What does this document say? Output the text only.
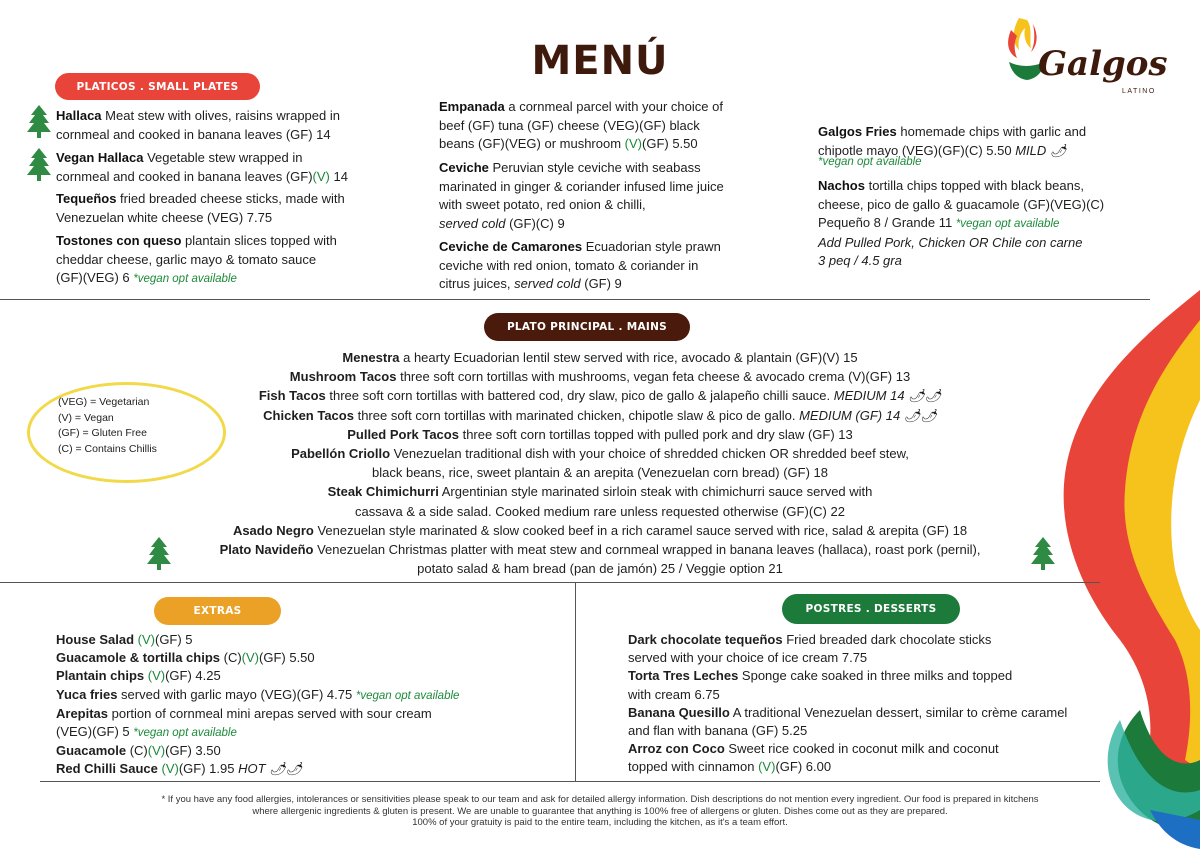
Galgos
LATINO
MENÚ
PLATICOS . SMALL PLATES
PLATO PRINCIPAL . MAINS
EXTRAS	POSTRES . DESSERTS
Hallaca Meat stew with olives, raisins wrapped in
cornmeal and cooked in banana leaves (GF) 14
Vegan Hallaca Vegetable stew wrapped in
cornmeal and cooked in banana leaves (GF)(V) 14
Tequeños fried breaded cheese sticks, made with
Venezuelan white cheese (VEG) 7.75
Tostones con queso plantain slices topped with
cheddar cheese, garlic mayo & tomato sauce
(GF)(VEG) 6 *vegan opt available
Empanada a cornmeal parcel with your choice of
beef (GF) tuna (GF) cheese (VEG)(GF) black
beans (GF)(VEG) or mushroom (V)(GF) 5.50
Ceviche Peruvian style ceviche with seabass
marinated in ginger & coriander infused lime juice
with sweet potato, red onion & chilli,
served cold (GF)(C) 9
Ceviche de Camarones Ecuadorian style prawn
ceviche with red onion, tomato & coriander in
citrus juices, served cold (GF) 9
Galgos Fries homemade chips with garlic and
chipotle mayo (VEG)(GF)(C) 5.50 MILD 🌶
*vegan opt available
Nachos tortilla chips topped with black beans,
cheese, pico de gallo & guacamole (GF)(VEG)(C)
Pequeño 8 / Grande 11 *vegan opt available
Add Pulled Pork, Chicken OR Chile con carne
3 peq / 4.5 gra
(VEG) = Vegetarian
(V) = Vegan
(GF) = Gluten Free
(C) = Contains Chillis
Menestra a hearty Ecuadorian lentil stew served with rice, avocado & plantain (GF)(V) 15
Mushroom Tacos three soft corn tortillas with mushrooms, vegan feta cheese & avocado crema (V)(GF) 13
Fish Tacos three soft corn tortillas with battered cod, dry slaw, pico de gallo & jalapeño chilli sauce. MEDIUM 14 🌶🌶
Chicken Tacos three soft corn tortillas with marinated chicken, chipotle slaw & pico de gallo. MEDIUM (GF) 14 🌶🌶
Pulled Pork Tacos three soft corn tortillas topped with pulled pork and dry slaw (GF) 13
Pabellón Criollo Venezuelan traditional dish with your choice of shredded chicken OR shredded beef stew,
black beans, rice, sweet plantain & an arepita (Venezuelan corn bread) (GF) 18
Steak Chimichurri Argentinian style marinated sirloin steak with chimichurri sauce served with
cassava & a side salad. Cooked medium rare unless requested otherwise (GF)(C) 22
Asado Negro Venezuelan style marinated & slow cooked beef in a rich caramel sauce served with rice, salad & arepita (GF) 18
Plato Navideño Venezuelan Christmas platter with meat stew and cornmeal wrapped in banana leaves (hallaca), roast pork (pernil),
potato salad & ham bread (pan de jamón) 25 / Veggie option 21
House Salad (V)(GF) 5
Guacamole & tortilla chips (C)(V)(GF) 5.50
Plantain chips (V)(GF) 4.25
Yuca fries served with garlic mayo (VEG)(GF) 4.75 *vegan opt available
Arepitas portion of cornmeal mini arepas served with sour cream
(VEG)(GF) 5 *vegan opt available
Guacamole (C)(V)(GF) 3.50
Red Chilli Sauce (V)(GF) 1.95 HOT 🌶🌶
Dark chocolate tequeños Fried breaded dark chocolate sticks
served with your choice of ice cream 7.75
Torta Tres Leches Sponge cake soaked in three milks and topped
with cream 6.75
Banana Quesillo A traditional Venezuelan dessert, similar to crème caramel
and flan with banana (GF) 5.25
Arroz con Coco Sweet rice cooked in coconut milk and coconut
topped with cinnamon (V)(GF) 6.00
* If you have any food allergies, intolerances or sensitivities please speak to our team and ask for detailed allergy information. Dish descriptions do not mention every ingredient. Our food is prepared in kitchens
where allergenic ingredients & gluten is present. We are unable to guarantee that anything is 100% free of allergens or gluten. Dishes come out as they are prepared.
100% of your gratuity is paid to the entire team, including the kitchen, as it's a team effort.
